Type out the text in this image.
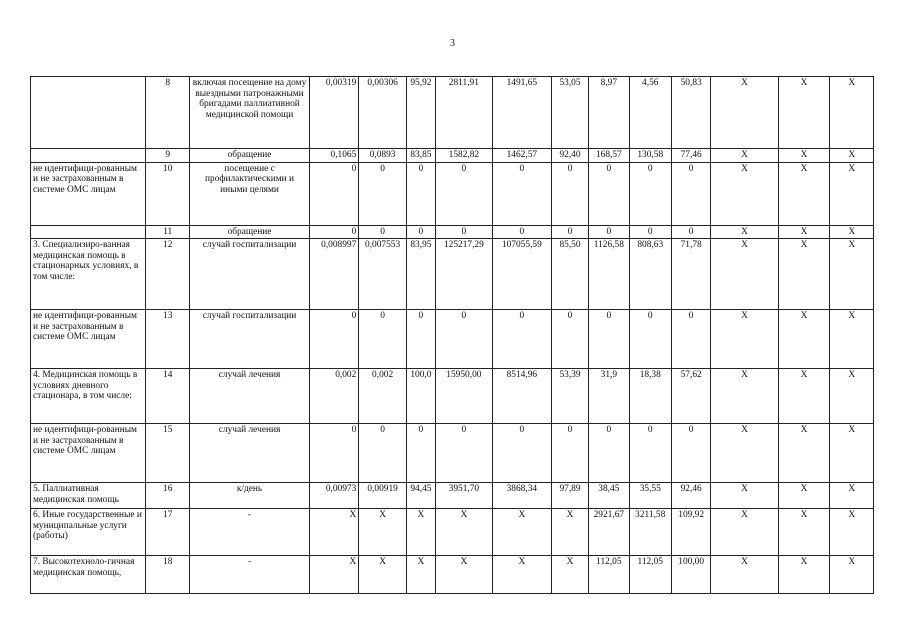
3
	8	включая посещение на дому выездными патронажными бригадами паллиативной медицинской помощи	0,00319	0,00306	95,92	2811,91	1491,65	53,05	8,97	4,56	50,83	Х	Х	Х
	9	обращение	0,1065	0,0893	83,85	1582,82	1462,57	92,40	168,57	130,58	77,46	Х	Х	Х
не идентифици-рованным и не застрахованным в системе ОМС лицам	10	посещение с профилактическими и иными целями	0	0	0	0	0	0	0	0	0	Х	Х	Х
	11	обращение	0	0	0	0	0	0	0	0	0	Х	Х	Х
3. Специализиро-ванная медицинская помощь в стационарных условиях, в том числе:	12	случай госпитализации	0,008997	0,007553	83,95	125217,29	107055,59	85,50	1126,58	808,63	71,78	Х	Х	Х
не идентифици-рованным и не застрахованным в системе ОМС лицам	13	случай госпитализации	0	0	0	0	0	0	0	0	0	Х	Х	Х
4. Медицинская помощь в условиях дневного стационара, в том числе:	14	случай лечения	0,002	0,002	100,0	15950,00	8514,96	53,39	31,9	18,38	57,62	Х	Х	Х
не идентифици-рованным и не застрахованным в системе ОМС лицам	15	случай лечения	0	0	0	0	0	0	0	0	0	Х	Х	Х
5. Паллиативная медицинская помощь	16	к/день	0,00973	0,00919	94,45	3951,70	3868,34	97,89	38,45	35,55	92,46	Х	Х	Х
6. Иные государственные и муниципальные услуги (работы)	17	-	Х	Х	Х	Х	Х	Х	2921,67	3211,58	109,92	Х	Х	Х
7. Высокотехноло-гичная медицинская помощь,	18	-	Х	Х	Х	Х	Х	Х	112,05	112,05	100,00	Х	Х	Х
